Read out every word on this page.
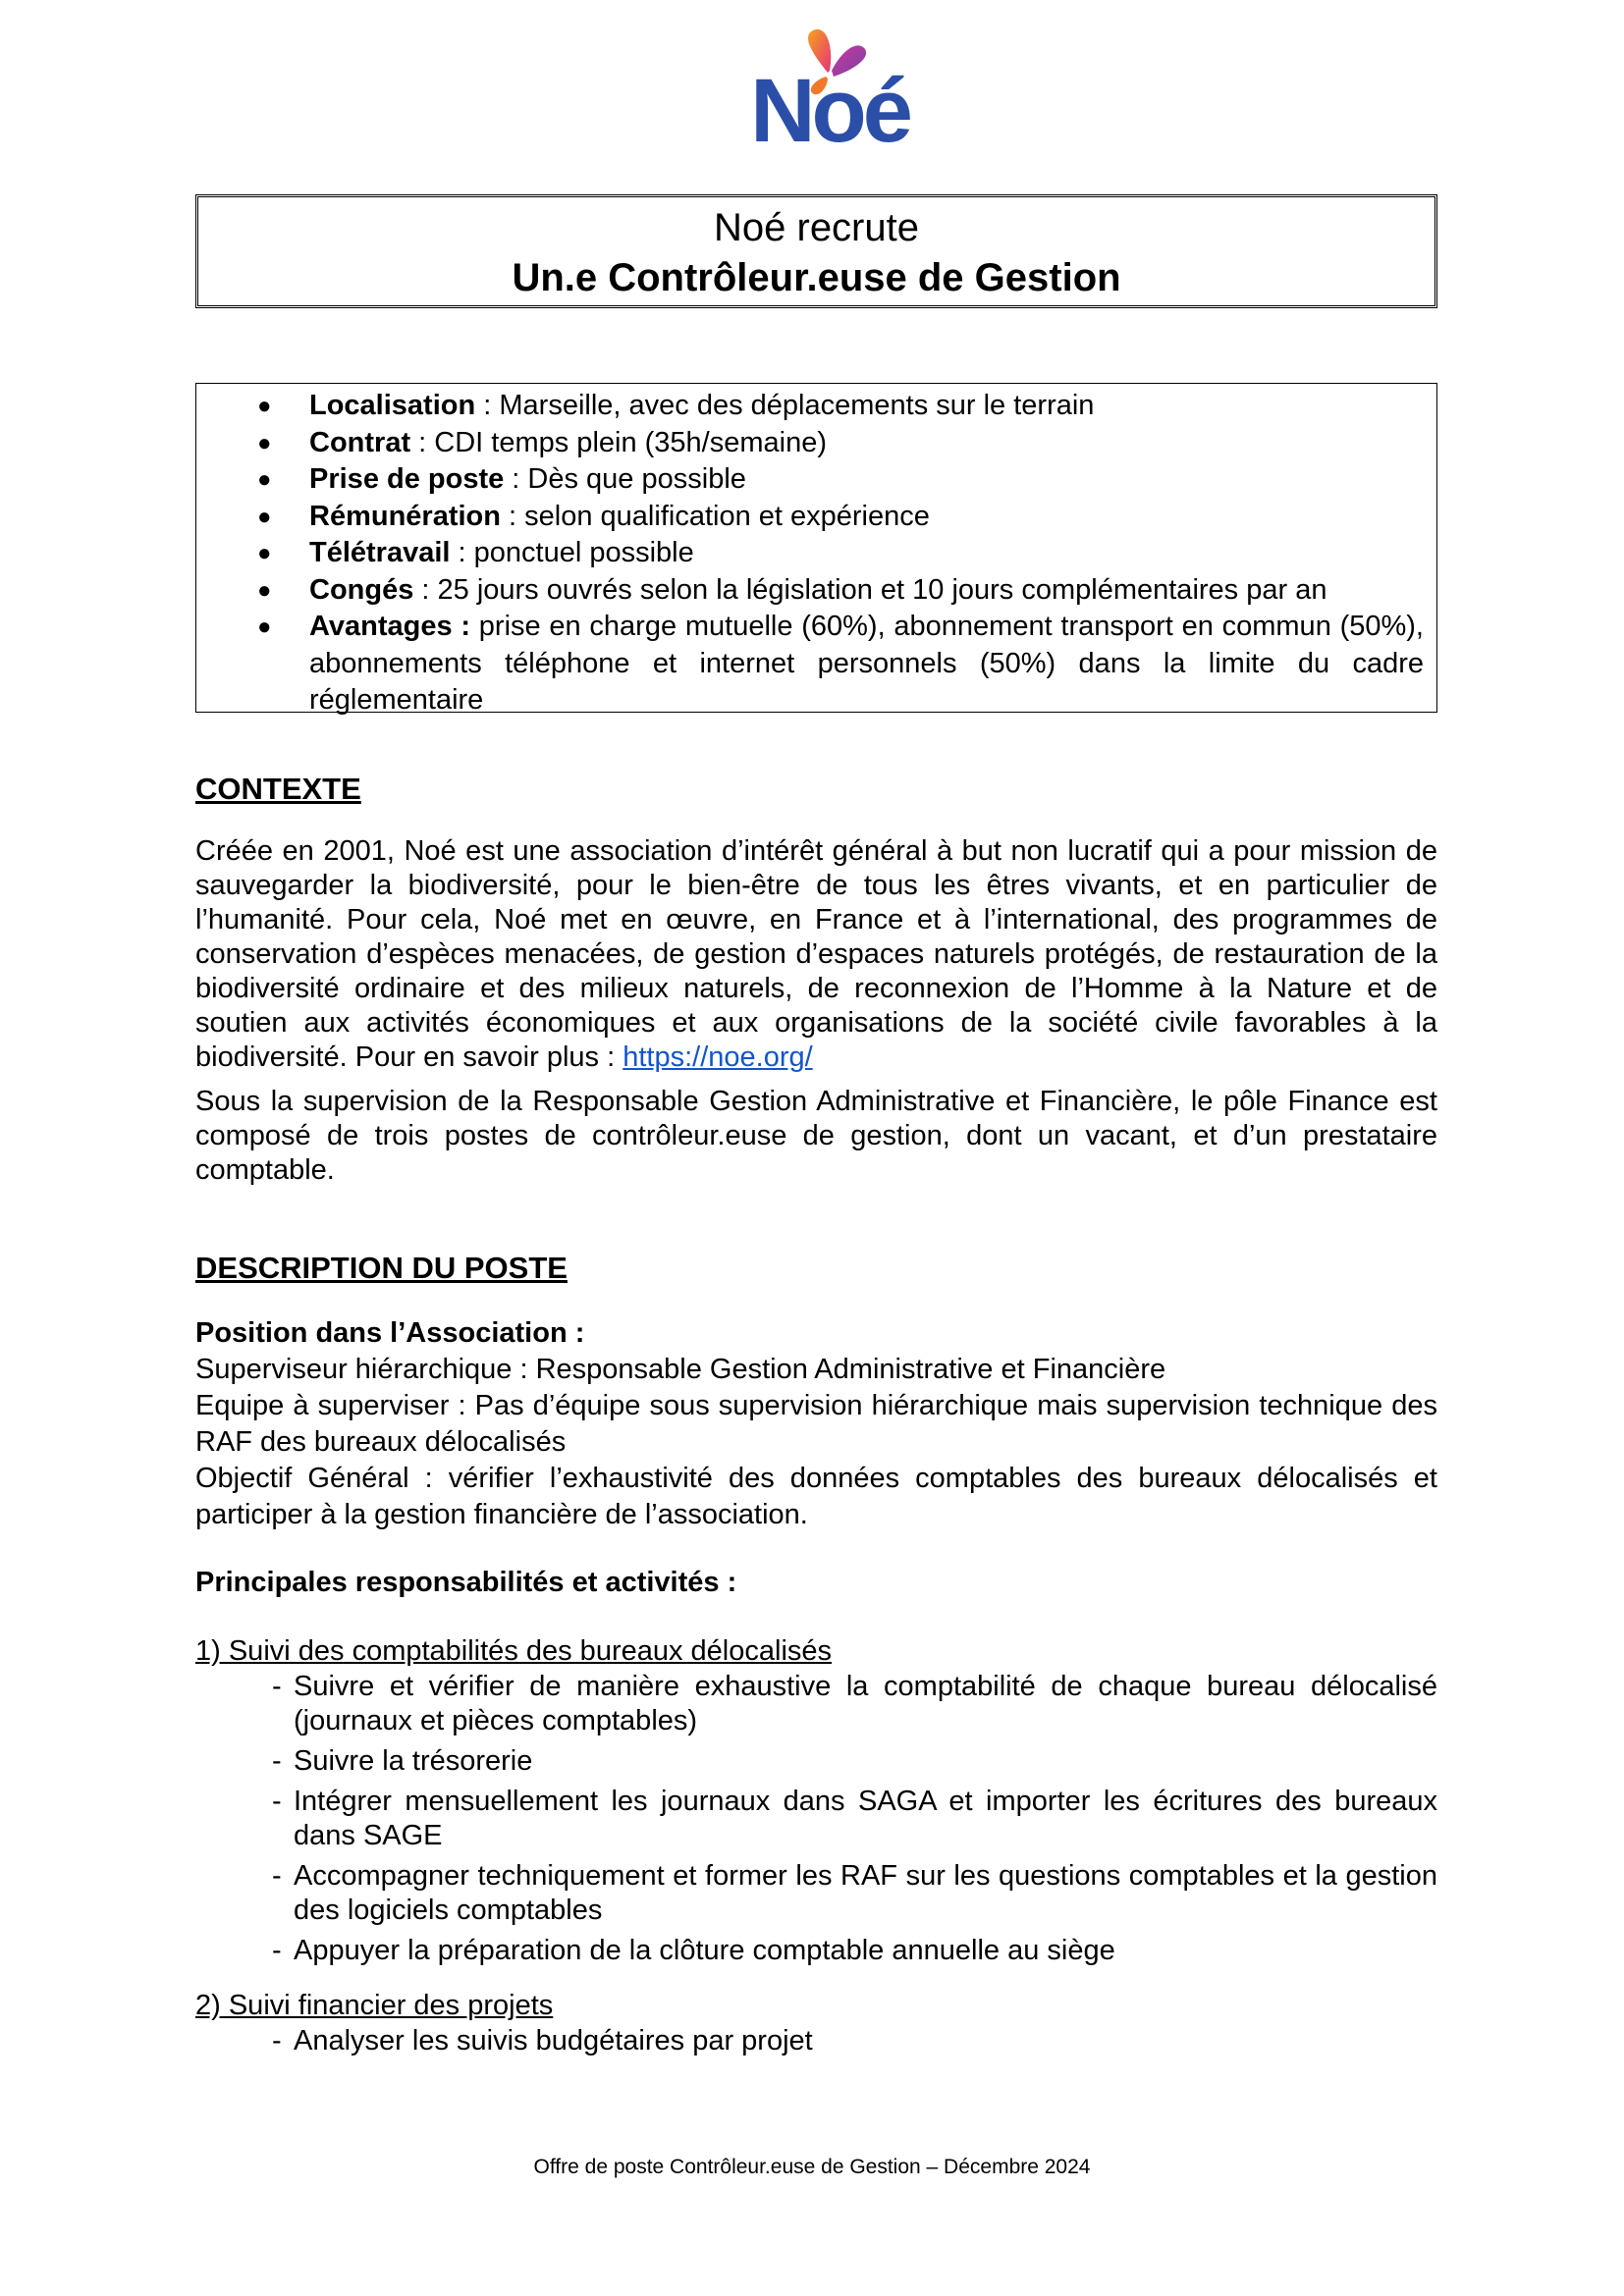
Noé
Noé recrute
Un.e Contrôleur.euse de Gestion
● Localisation : Marseille, avec des déplacements sur le terrain
● Contrat : CDI temps plein (35h/semaine)
● Prise de poste : Dès que possible
● Rémunération : selon qualification et expérience
● Télétravail : ponctuel possible
● Congés : 25 jours ouvrés selon la législation et 10 jours complémentaires par an
● Avantages : prise en charge mutuelle (60%), abonnement transport en commun (50%), abonnements téléphone et internet personnels (50%) dans la limite du cadre réglementaire
CONTEXTE
Créée en 2001, Noé est une association d’intérêt général à but non lucratif qui a pour mission de sauvegarder la biodiversité, pour le bien-être de tous les êtres vivants, et en particulier de l’humanité. Pour cela, Noé met en œuvre, en France et à l’international, des programmes de conservation d’espèces menacées, de gestion d’espaces naturels protégés, de restauration de la biodiversité ordinaire et des milieux naturels, de reconnexion de l’Homme à la Nature et de soutien aux activités économiques et aux organisations de la société civile favorables à la biodiversité. Pour en savoir plus : https://noe.org/
Sous la supervision de la Responsable Gestion Administrative et Financière, le pôle Finance est composé de trois postes de contrôleur.euse de gestion, dont un vacant, et d’un prestataire comptable.
DESCRIPTION DU POSTE
Position dans l’Association :
Superviseur hiérarchique : Responsable Gestion Administrative et Financière
Equipe à superviser : Pas d’équipe sous supervision hiérarchique mais supervision technique des RAF des bureaux délocalisés
Objectif Général : vérifier l’exhaustivité des données comptables des bureaux délocalisés et participer à la gestion financière de l’association.
Principales responsabilités et activités :
1) Suivi des comptabilités des bureaux délocalisés
- Suivre et vérifier de manière exhaustive la comptabilité de chaque bureau délocalisé (journaux et pièces comptables)
- Suivre la trésorerie
- Intégrer mensuellement les journaux dans SAGA et importer les écritures des bureaux dans SAGE
- Accompagner techniquement et former les RAF sur les questions comptables et la gestion des logiciels comptables
- Appuyer la préparation de la clôture comptable annuelle au siège
2) Suivi financier des projets
- Analyser les suivis budgétaires par projet
Offre de poste Contrôleur.euse de Gestion – Décembre 2024
